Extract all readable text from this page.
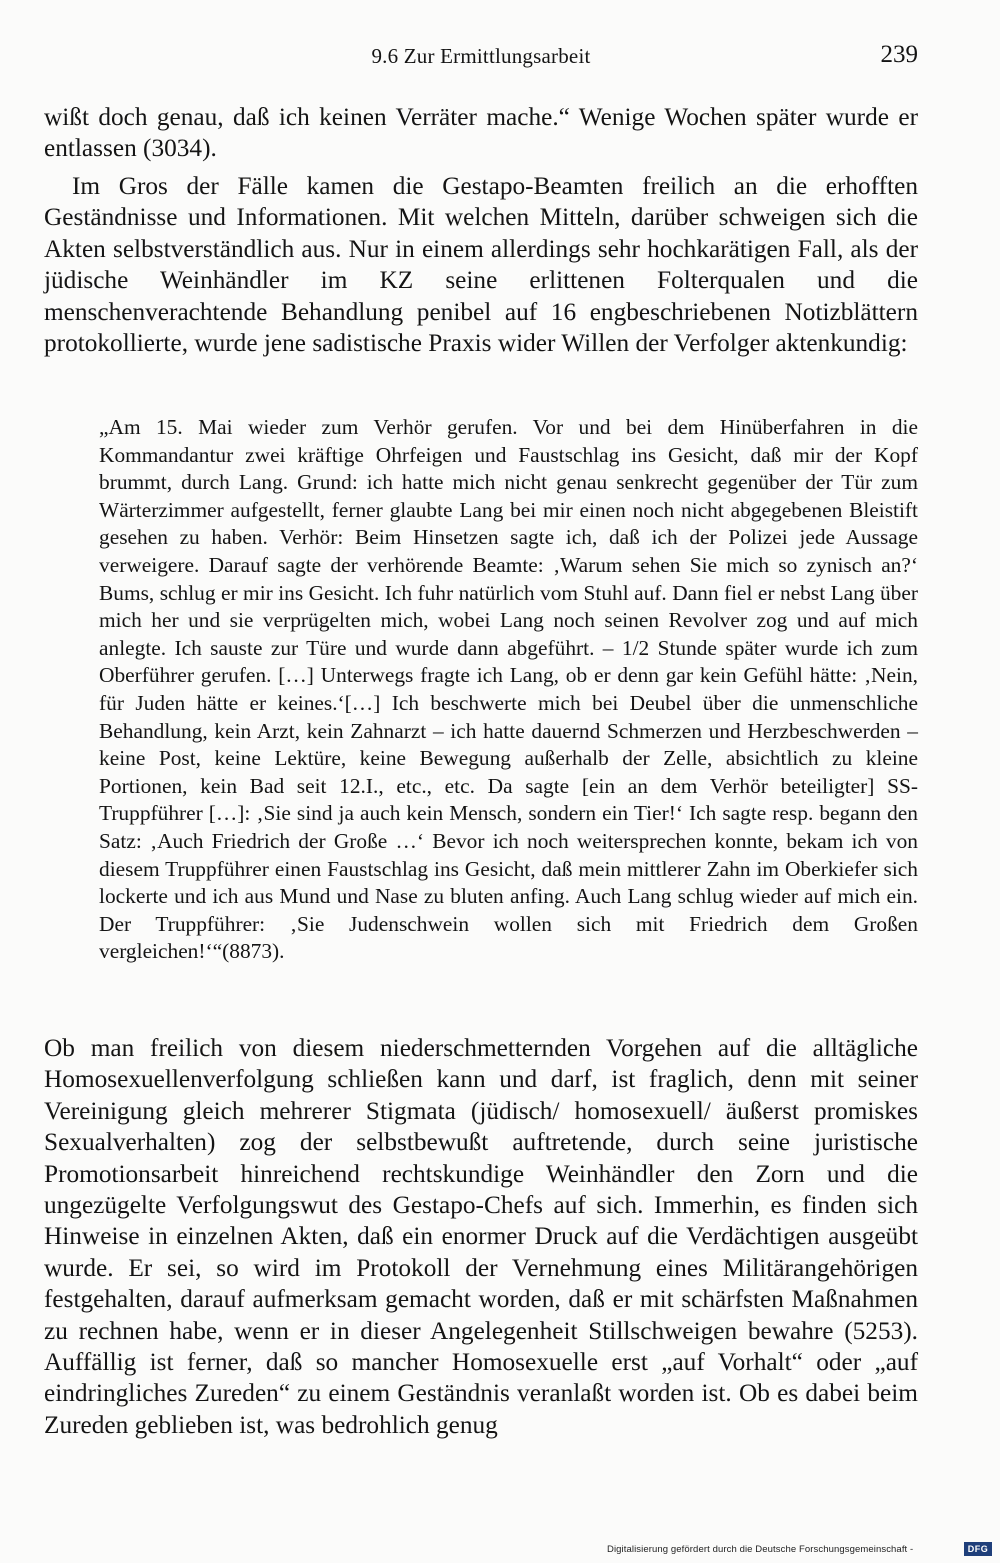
9.6 Zur Ermittlungsarbeit	239

wißt doch genau, daß ich keinen Verräter mache.“ Wenige Wochen später wurde er entlassen (3034).

Im Gros der Fälle kamen die Gestapo-Beamten freilich an die erhofften Geständnisse und Informationen. Mit welchen Mitteln, darüber schweigen sich die Akten selbstverständlich aus. Nur in einem allerdings sehr hochkarätigen Fall, als der jüdische Weinhändler im KZ seine erlittenen Folterqualen und die menschenverachtende Behandlung penibel auf 16 engbeschriebenen Notizblättern protokollierte, wurde jene sadistische Praxis wider Willen der Verfolger aktenkundig:

„Am 15. Mai wieder zum Verhör gerufen. Vor und bei dem Hinüberfahren in die Kommandantur zwei kräftige Ohrfeigen und Faustschlag ins Gesicht, daß mir der Kopf brummt, durch Lang. Grund: ich hatte mich nicht genau senkrecht gegenüber der Tür zum Wärterzimmer aufgestellt, ferner glaubte Lang bei mir einen noch nicht abgegebenen Bleistift gesehen zu haben. Verhör: Beim Hinsetzen sagte ich, daß ich der Polizei jede Aussage verweigere. Darauf sagte der verhörende Beamte: ‚Warum sehen Sie mich so zynisch an?‘ Bums, schlug er mir ins Gesicht. Ich fuhr natürlich vom Stuhl auf. Dann fiel er nebst Lang über mich her und sie verprügelten mich, wobei Lang noch seinen Revolver zog und auf mich anlegte. Ich sauste zur Türe und wurde dann abgeführt. – 1/2 Stunde später wurde ich zum Oberführer gerufen. […] Unterwegs fragte ich Lang, ob er denn gar kein Gefühl hätte: ‚Nein, für Juden hätte er keines.‘[…] Ich beschwerte mich bei Deubel über die unmenschliche Behandlung, kein Arzt, kein Zahnarzt – ich hatte dauernd Schmerzen und Herzbeschwerden – keine Post, keine Lektüre, keine Bewegung außerhalb der Zelle, absichtlich zu kleine Portionen, kein Bad seit 12.I., etc., etc. Da sagte [ein an dem Verhör beteiligter] SS-Truppführer […]: ‚Sie sind ja auch kein Mensch, sondern ein Tier!‘ Ich sagte resp. begann den Satz: ‚Auch Friedrich der Große …‘ Bevor ich noch weitersprechen konnte, bekam ich von diesem Truppführer einen Faustschlag ins Gesicht, daß mein mittlerer Zahn im Oberkiefer sich lockerte und ich aus Mund und Nase zu bluten anfing. Auch Lang schlug wieder auf mich ein. Der Truppführer: ‚Sie Judenschwein wollen sich mit Friedrich dem Großen vergleichen!‘“(8873).

Ob man freilich von diesem niederschmetternden Vorgehen auf die alltägliche Homosexuellenverfolgung schließen kann und darf, ist fraglich, denn mit seiner Vereinigung gleich mehrerer Stigmata (jüdisch/ homosexuell/ äußerst promiskes Sexualverhalten) zog der selbstbewußt auftretende, durch seine juristische Promotionsarbeit hinreichend rechtskundige Weinhändler den Zorn und die ungezügelte Verfolgungswut des Gestapo-Chefs auf sich. Immerhin, es finden sich Hinweise in einzelnen Akten, daß ein enormer Druck auf die Verdächtigen ausgeübt wurde. Er sei, so wird im Protokoll der Vernehmung eines Militärangehörigen festgehalten, darauf aufmerksam gemacht worden, daß er mit schärfsten Maßnahmen zu rechnen habe, wenn er in dieser Angelegenheit Stillschweigen bewahre (5253). Auffällig ist ferner, daß so mancher Homosexuelle erst „auf Vorhalt“ oder „auf eindringliches Zureden“ zu einem Geständnis veranlaßt worden ist. Ob es dabei beim Zureden geblieben ist, was bedrohlich genug

Digitalisierung gefördert durch die Deutsche Forschungsgemeinschaft -	DFG
